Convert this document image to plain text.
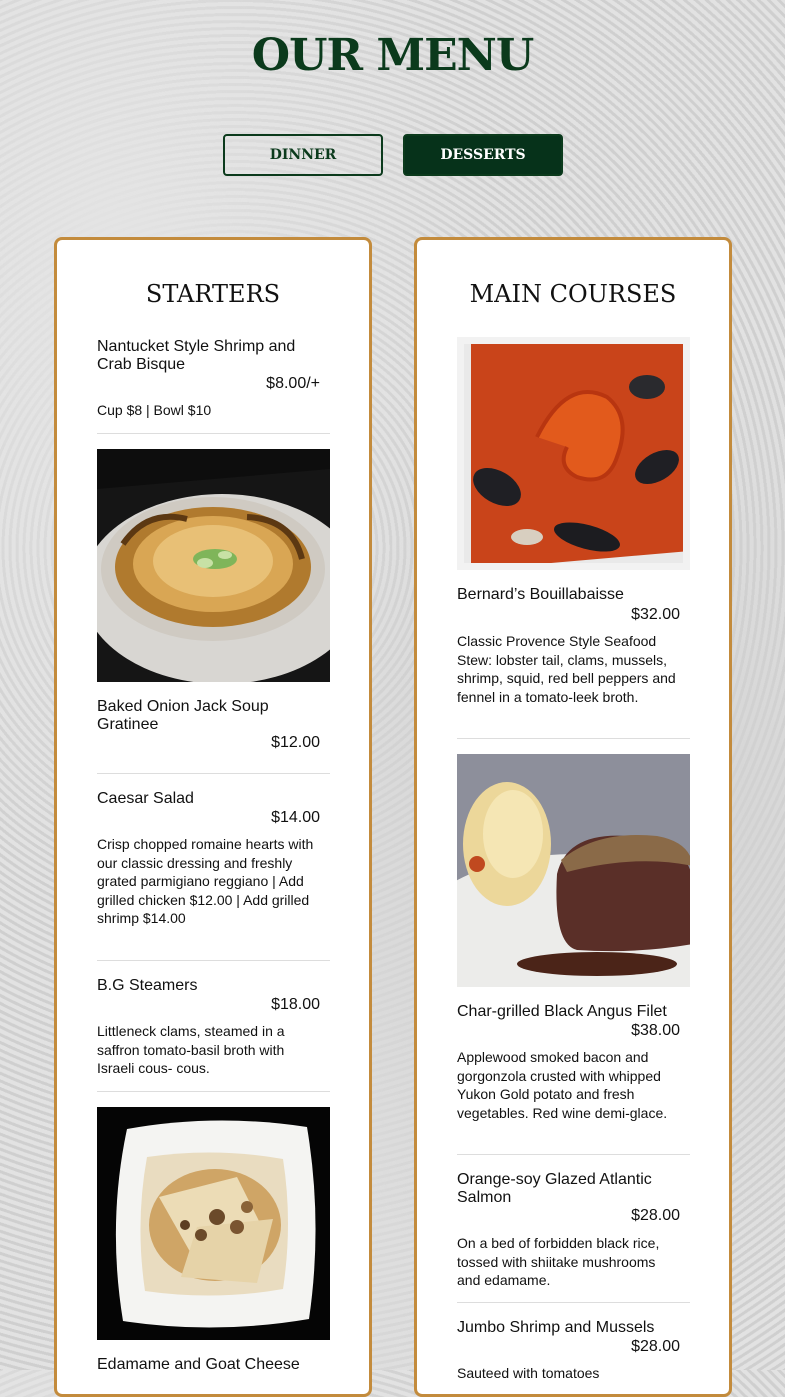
OUR MENU
DINNER	DESSERTS
STARTERS
Nantucket Style Shrimp and Crab Bisque
$8.00/+
Cup $8 | Bowl $10
Baked Onion Jack Soup Gratinee
$12.00
Caesar Salad
$14.00
Crisp chopped romaine hearts with our classic dressing and freshly grated parmigiano reggiano | Add grilled chicken $12.00 | Add grilled shrimp $14.00
B.G Steamers
$18.00
Littleneck clams, steamed in a saffron tomato-basil broth with Israeli cous- cous.
Edamame and Goat Cheese
MAIN COURSES
Bernard’s Bouillabaisse
$32.00
Classic Provence Style Seafood Stew: lobster tail, clams, mussels, shrimp, squid, red bell peppers and fennel in a tomato-leek broth.
Char-grilled Black Angus Filet
$38.00
Applewood smoked bacon and gorgonzola crusted with whipped Yukon Gold potato and fresh vegetables. Red wine demi-glace.
Orange-soy Glazed Atlantic Salmon
$28.00
On a bed of forbidden black rice, tossed with shiitake mushrooms and edamame.
Jumbo Shrimp and Mussels
$28.00
Sauteed with tomatoes
